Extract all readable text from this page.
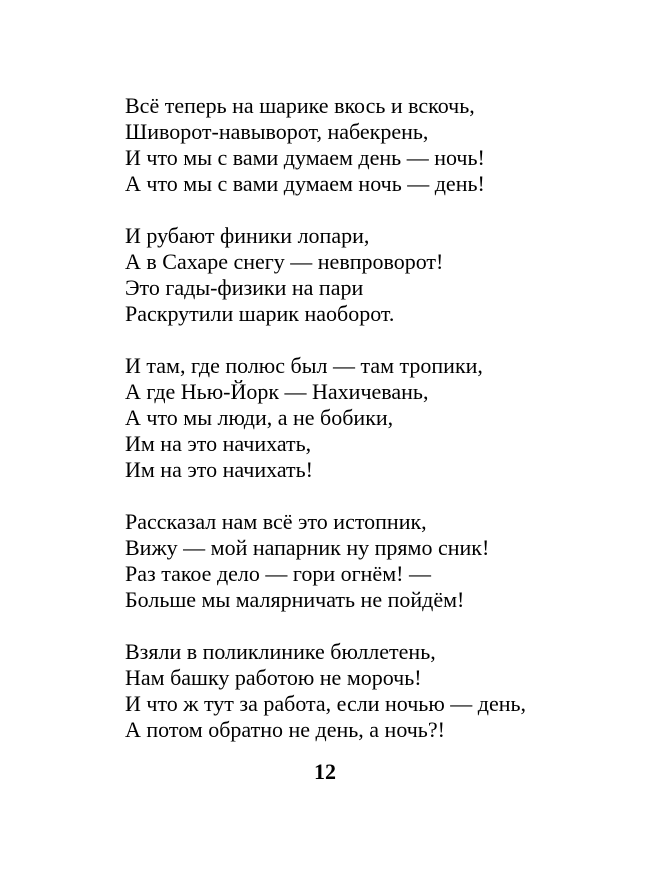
Всё теперь на шарике вкось и вскочь,
Шиворот-навыворот, набекрень,
И что мы с вами думаем день — ночь!
А что мы с вами думаем ночь — день!
И рубают финики лопари,
А в Сахаре снегу — невпроворот!
Это гады-физики на пари
Раскрутили шарик наоборот.
И там, где полюс был — там тропики,
А где Нью-Йорк — Нахичевань,
А что мы люди, а не бобики,
Им на это начихать,
Им на это начихать!
Рассказал нам всё это истопник,
Вижу — мой напарник ну прямо сник!
Раз такое дело — гори огнём! —
Больше мы малярничать не пойдём!
Взяли в поликлинике бюллетень,
Нам башку работою не морочь!
И что ж тут за работа, если ночью — день,
А потом обратно не день, а ночь?!
12
